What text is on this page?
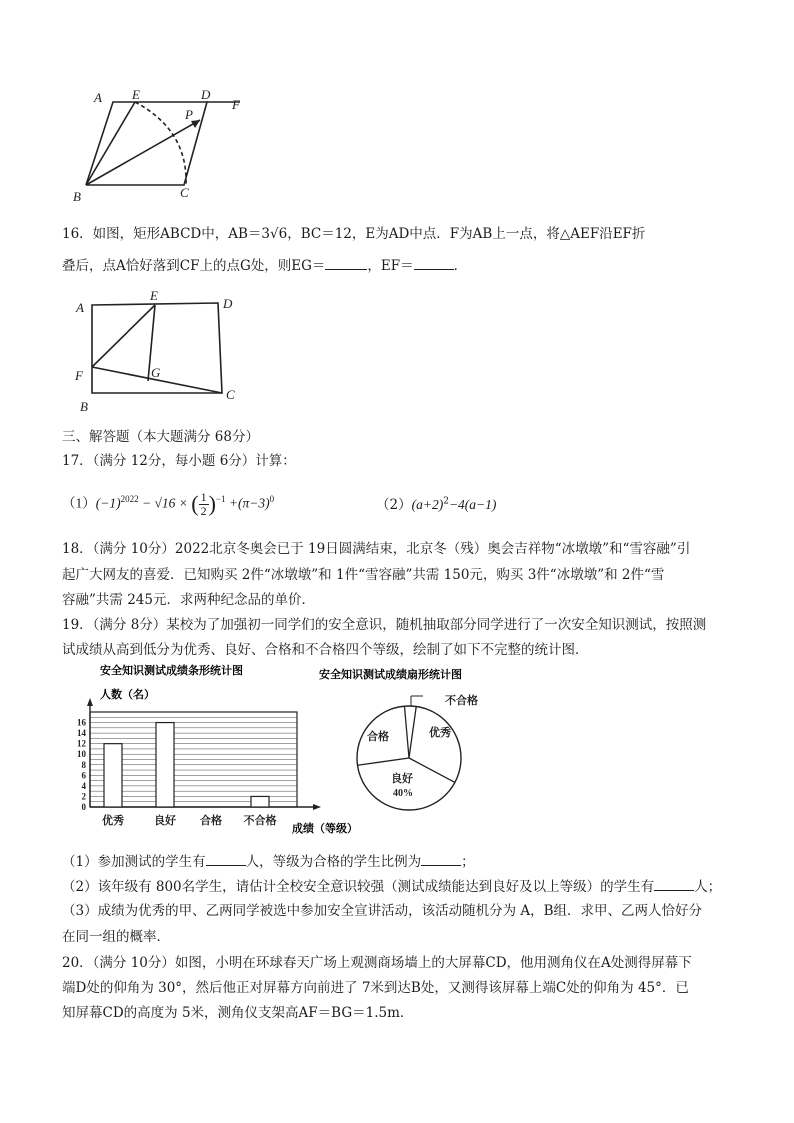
A E	D
F
P
B	C
16．如图，矩形ABCD中，AB＝3√6，BC＝12，E为AD中点．F为AB上一点，将△AEF沿EF折
叠后，点A恰好落到CF上的点G处，则EG＝	，EF＝	．
A
E
D
F	G
B
C
三、解答题（本大题满分 68分）
17．（满分 12分，每小题 6分）计算：
$(1)(-1)^{2022} - √16$ × ( $\frac{1}{2} )^{-1} +(\pi-3)^0$	$(2)(a+2)^2-4(a-1)$
18．（满分 10分）2022北京冬奥会已于 19日圆满结束，北京冬（残）奥会吉祥物“冰墩墩”和“雪容融”引
起广大网友的喜爱．已知购买 2件“冰墩墩”和 1件“雪容融”共需 150元，购买 3件“冰墩墩”和 2件“雪
容融”共需 245元．求两种纪念品的单价．
19．（满分 8分）某校为了加强初一同学们的安全意识，随机抽取部分同学进行了一次安全知识测试，按照测
试成绩从高到低分为优秀、良好、合格和不合格四个等级，绘制了如下不完整的统计图．
安全知识测试成绩条形统计图
人数（名）
0
2
4
6
8
10
12
14
16
优秀	良好 合格 不合格
成绩（等级）
安全知识测试成绩扇形统计图
不合格
优秀
良好
合格
40%
（1）参加测试的学生有	人，等级为合格的学生比例为	；
（2）该年级有 800名学生，请估计全校安全意识较强（测试成绩能达到良好及以上等级）的学生有	人；
（3）成绩为优秀的甲、乙两同学被选中参加安全宣讲活动，该活动随机分为 A，B组．求甲、乙两人恰好分
在同一组的概率．
20．（满分 10分）如图，小明在环球春天广场上观测商场墙上的大屏幕CD，他用测角仪在A处测得屏幕下
端D处的仰角为 30°，然后他正对屏幕方向前进了 7米到达B处，又测得该屏幕上端C处的仰角为 45°．已
知屏幕CD的高度为 5米，测角仪支架高AF＝BG＝1.5m．
